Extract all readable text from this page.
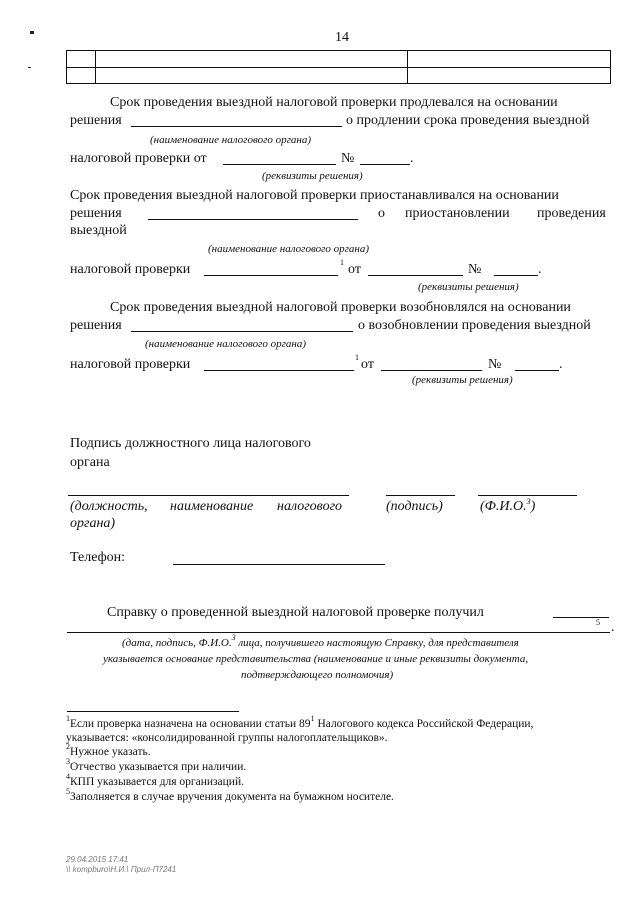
14

Срок проведения выездной налоговой проверки продлевался на основании
решения	о продлении срока проведения выездной
(наименование налогового органа)
налоговой проверки от	№	.
(реквизиты решения)
Срок проведения выездной налоговой проверки приостанавливался на основании
решения	о приостановлении проведения
выездной
(наименование налогового органа)
налоговой проверки	1 от	№	.
(реквизиты решения)
Срок проведения выездной налоговой проверки возобновлялся на основании
решения	о возобновлении проведения выездной
(наименование налогового органа)
налоговой проверки	1 от	№	.
(реквизиты решения)
Подпись должностного лица налогового
органа
(должность, наименование налогового
органа)
(подпись)	(Ф.И.О.$^3$)
Телефон:
Справку о проведенной выездной налоговой проверке получил
5 .
(дата, подпись, Ф.И.О.$^3$ лица, получившего настоящую Справку, для представителя
указывается основание представительства (наименование и иные реквизиты документа,
подтверждающего полномочия)
$^1$Если проверка назначена на основании статьи $89^1$ Налогового кодекса Российской Федерации,
указывается: «консолидированной группы налогоплательщиков».
$^2$Нужное указать.
$^3$Отчество указывается при наличии.
$^4$КПП указывается для организаций.
$^5$Заполняется в случае вручения документа на бумажном носителе.
29.04.2015 17:41
\\ kompburo\Н.И.\ Прил-П7241
